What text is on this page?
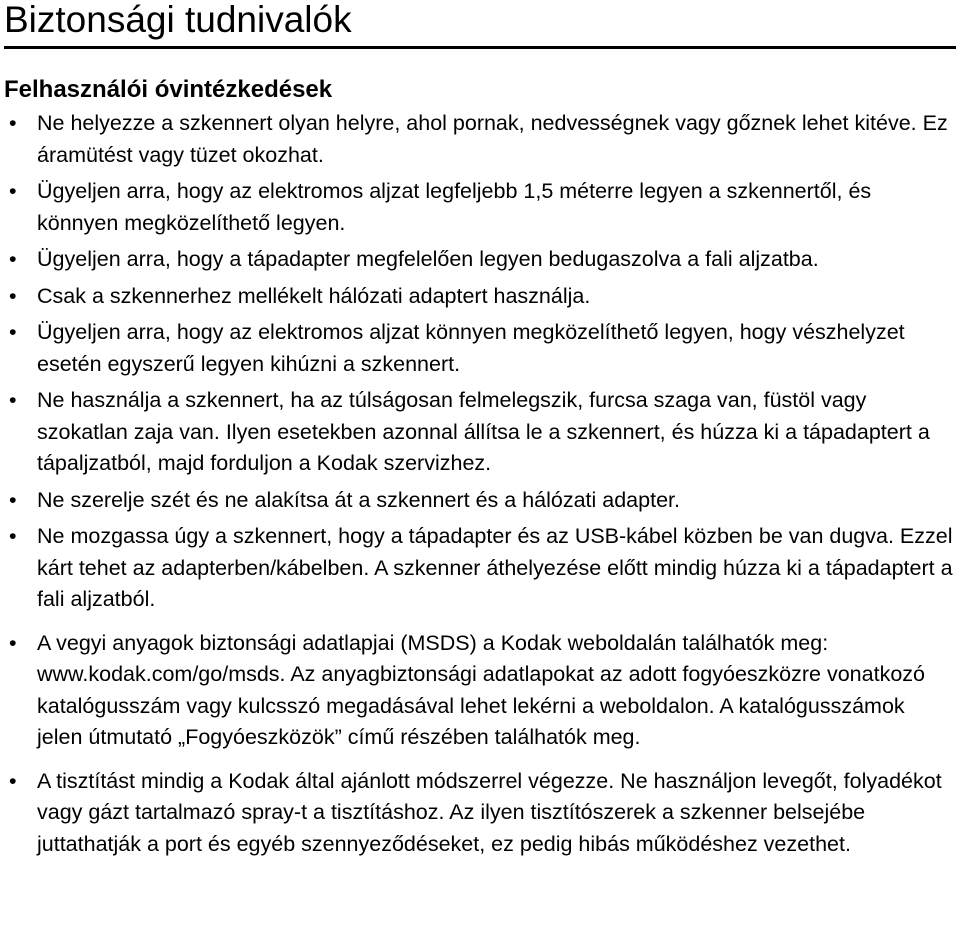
Biztonsági tudnivalók
Felhasználói óvintézkedések
• Ne helyezze a szkennert olyan helyre, ahol pornak, nedvességnek vagy gőznek lehet kitéve. Ez áramütést vagy tüzet okozhat.
• Ügyeljen arra, hogy az elektromos aljzat legfeljebb 1,5 méterre legyen a szkennertől, és könnyen megközelíthető legyen.
• Ügyeljen arra, hogy a tápadapter megfelelően legyen bedugaszolva a fali aljzatba.
• Csak a szkennerhez mellékelt hálózati adaptert használja.
• Ügyeljen arra, hogy az elektromos aljzat könnyen megközelíthető legyen, hogy vészhelyzet esetén egyszerű legyen kihúzni a szkennert.
• Ne használja a szkennert, ha az túlságosan felmelegszik, furcsa szaga van, füstöl vagy szokatlan zaja van. Ilyen esetekben azonnal állítsa le a szkennert, és húzza ki a tápadaptert a tápaljzatból, majd forduljon a Kodak szervizhez.
• Ne szerelje szét és ne alakítsa át a szkennert és a hálózati adapter.
• Ne mozgassa úgy a szkennert, hogy a tápadapter és az USB-kábel közben be van dugva. Ezzel kárt tehet az adapterben/kábelben. A szkenner áthelyezése előtt mindig húzza ki a tápadaptert a fali aljzatból.
• A vegyi anyagok biztonsági adatlapjai (MSDS) a Kodak weboldalán találhatók meg: www.kodak.com/go/msds. Az anyagbiztonsági adatlapokat az adott fogyóeszközre vonatkozó katalógusszám vagy kulcsszó megadásával lehet lekérni a weboldalon. A katalógusszámok jelen útmutató „Fogyóeszközök” című részében találhatók meg.
• A tisztítást mindig a Kodak által ajánlott módszerrel végezze. Ne használjon levegőt, folyadékot vagy gázt tartalmazó spray-t a tisztításhoz. Az ilyen tisztítószerek a szkenner belsejébe juttathatják a port és egyéb szennyeződéseket, ez pedig hibás működéshez vezethet.
